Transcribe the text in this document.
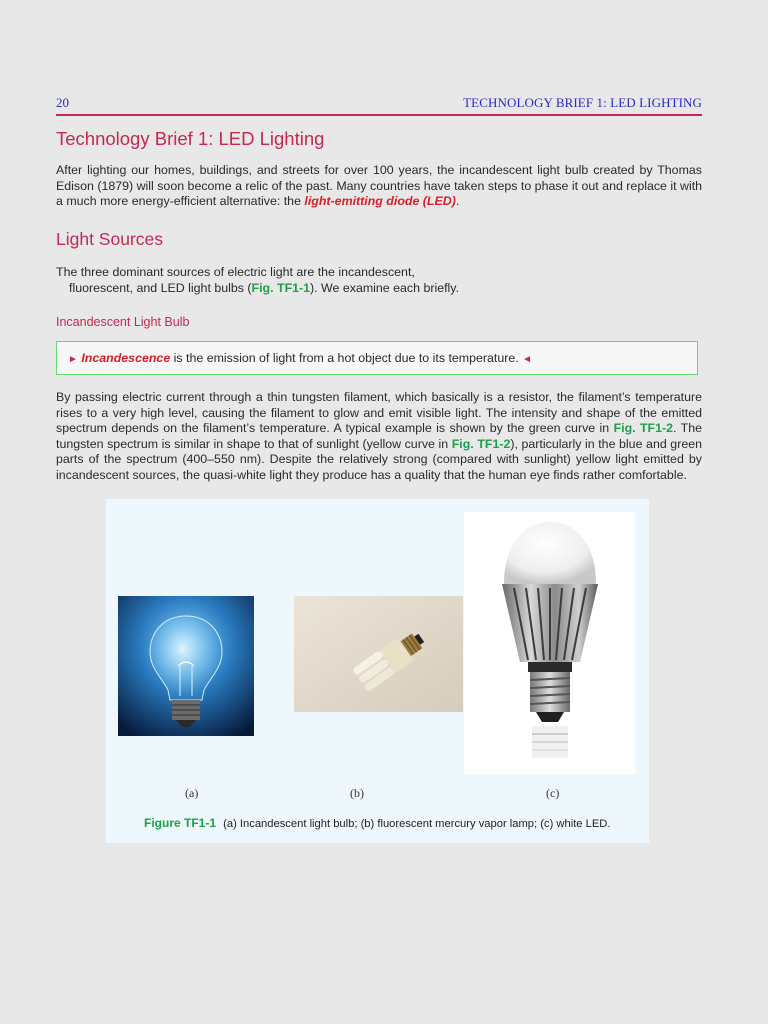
20	TECHNOLOGY BRIEF 1: LED LIGHTING
Technology Brief 1: LED Lighting
After lighting our homes, buildings, and streets for over 100 years, the incandescent light bulb created by Thomas
Edison (1879) will soon become a relic of the past. Many countries have taken steps to phase it out and replace it with
a much more energy-efficient alternative: the light-emitting diode (LED).
Light Sources
The three dominant sources of electric light are the incandescent,
fluorescent, and LED light bulbs (Fig. TF1-1). We examine each briefly.
Incandescent Light Bulb
► Incandescence is the emission of light from a hot object due to its temperature. ◄
By passing electric current through a thin tungsten filament, which basically is a resistor, the filament’s temperature
rises to a very high level, causing the filament to glow and emit visible light. The intensity and shape of the emitted
spectrum depends on the filament’s temperature. A typical example is shown by the green curve in Fig. TF1-2. The
tungsten spectrum is similar in shape to that of sunlight (yellow curve in Fig. TF1-2), particularly in the blue and green
parts of the spectrum (400–550 nm). Despite the relatively strong (compared with sunlight) yellow light emitted by
incandescent sources, the quasi-white light they produce has a quality that the human eye finds rather comfortable.
(a)	(b)	(c)
Figure TF1-1 (a) Incandescent light bulb; (b) fluorescent mercury vapor lamp; (c) white LED.
